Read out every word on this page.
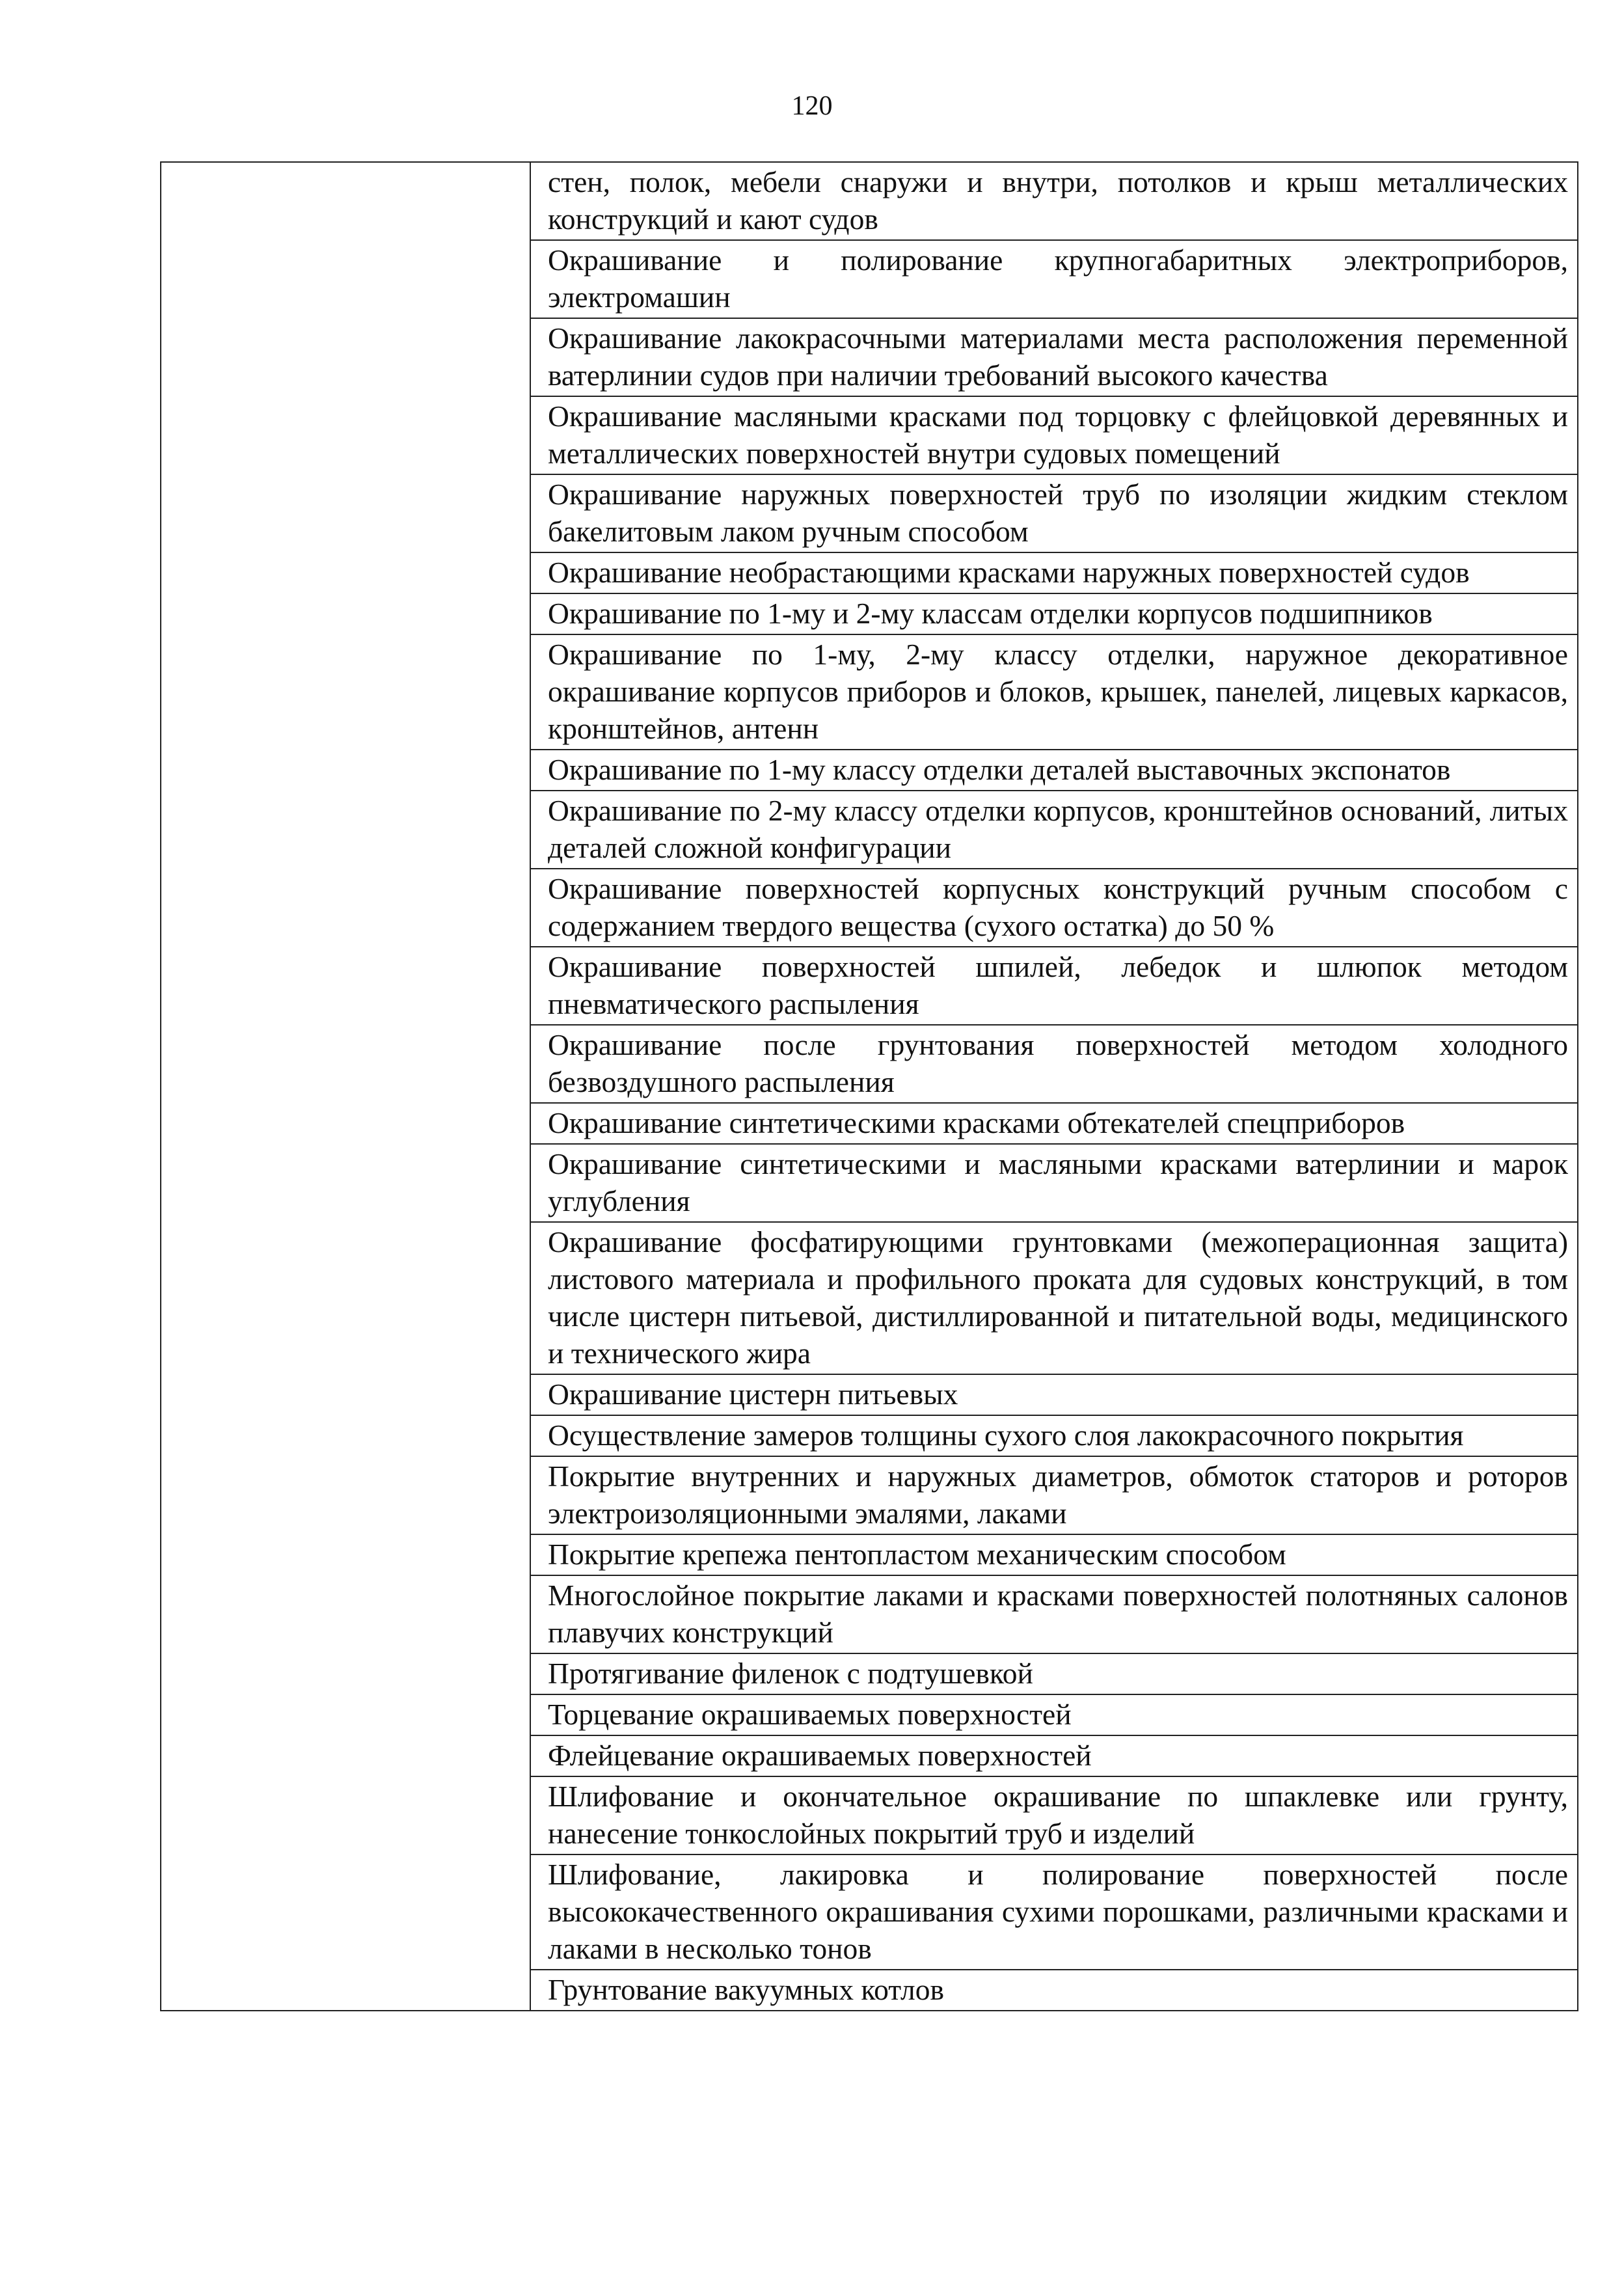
120
стен, полок, мебели снаружи и внутри, потолков и крыш металлических конструкций и кают судов
Окрашивание и полирование крупногабаритных электроприборов, электромашин
Окрашивание лакокрасочными материалами места расположения переменной ватерлинии судов при наличии требований высокого качества
Окрашивание масляными красками под торцовку с флейцовкой деревянных и металлических поверхностей внутри судовых помещений
Окрашивание наружных поверхностей труб по изоляции жидким стеклом бакелитовым лаком ручным способом
Окрашивание необрастающими красками наружных поверхностей судов
Окрашивание по 1-му и 2-му классам отделки корпусов подшипников
Окрашивание по 1-му, 2-му классу отделки, наружное декоративное окрашивание корпусов приборов и блоков, крышек, панелей, лицевых каркасов, кронштейнов, антенн
Окрашивание по 1-му классу отделки деталей выставочных экспонатов
Окрашивание по 2-му классу отделки корпусов, кронштейнов оснований, литых деталей сложной конфигурации
Окрашивание поверхностей корпусных конструкций ручным способом с содержанием твердого вещества (сухого остатка) до 50 %
Окрашивание поверхностей шпилей, лебедок и шлюпок методом пневматического распыления
Окрашивание после грунтования поверхностей методом холодного безвоздушного распыления
Окрашивание синтетическими красками обтекателей спецприборов
Окрашивание синтетическими и масляными красками ватерлинии и марок углубления
Окрашивание фосфатирующими грунтовками (межоперационная защита) листового материала и профильного проката для судовых конструкций, в том числе цистерн питьевой, дистиллированной и питательной воды, медицинского и технического жира
Окрашивание цистерн питьевых
Осуществление замеров толщины сухого слоя лакокрасочного покрытия
Покрытие внутренних и наружных диаметров, обмоток статоров и роторов электроизоляционными эмалями, лаками
Покрытие крепежа пентопластом механическим способом
Многослойное покрытие лаками и красками поверхностей полотняных салонов плавучих конструкций
Протягивание филенок с подтушевкой
Торцевание окрашиваемых поверхностей
Флейцевание окрашиваемых поверхностей
Шлифование и окончательное окрашивание по шпаклевке или грунту, нанесение тонкослойных покрытий труб и изделий
Шлифование, лакировка и полирование поверхностей после высококачественного окрашивания сухими порошками, различными красками и лаками в несколько тонов
Грунтование вакуумных котлов
